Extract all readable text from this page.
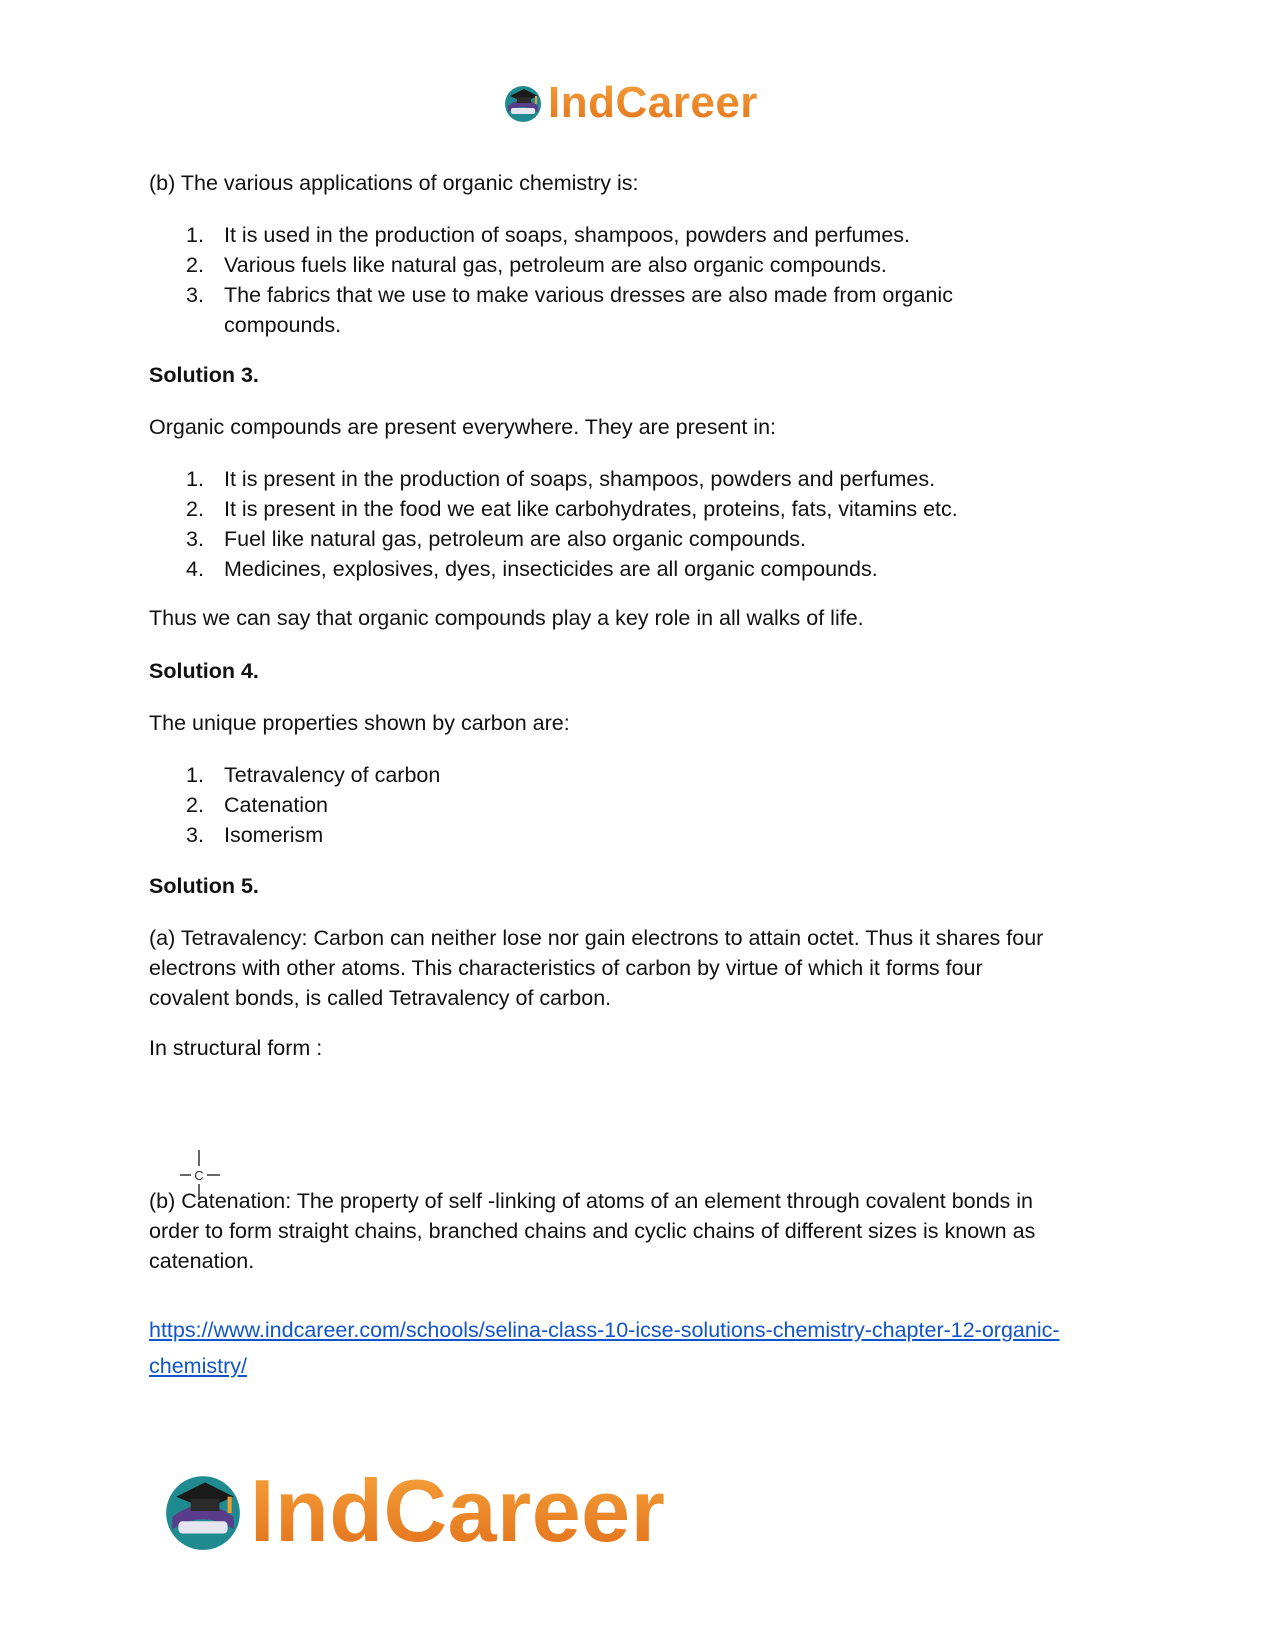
IndCareer
(b) The various applications of organic chemistry is:
1. It is used in the production of soaps, shampoos, powders and perfumes.
2. Various fuels like natural gas, petroleum are also organic compounds.
3. The fabrics that we use to make various dresses are also made from organic
compounds.
Solution 3.
Organic compounds are present everywhere. They are present in:
1. It is present in the production of soaps, shampoos, powders and perfumes.
2. It is present in the food we eat like carbohydrates, proteins, fats, vitamins etc.
3. Fuel like natural gas, petroleum are also organic compounds.
4. Medicines, explosives, dyes, insecticides are all organic compounds.
Thus we can say that organic compounds play a key role in all walks of life.
Solution 4.
The unique properties shown by carbon are:
1. Tetravalency of carbon
2. Catenation
3. Isomerism
Solution 5.
(a) Tetravalency: Carbon can neither lose nor gain electrons to attain octet. Thus it shares four
electrons with other atoms. This characteristics of carbon by virtue of which it forms four
covalent bonds, is called Tetravalency of carbon.
In structural form :
(b) Catenation: The property of self -linking of atoms of an element through covalent bonds in
order to form straight chains, branched chains and cyclic chains of different sizes is known as
catenation.
https://www.indcareer.com/schools/selina-class-10-icse-solutions-chemistry-chapter-12-organic-
chemistry/
C
IndCareer
